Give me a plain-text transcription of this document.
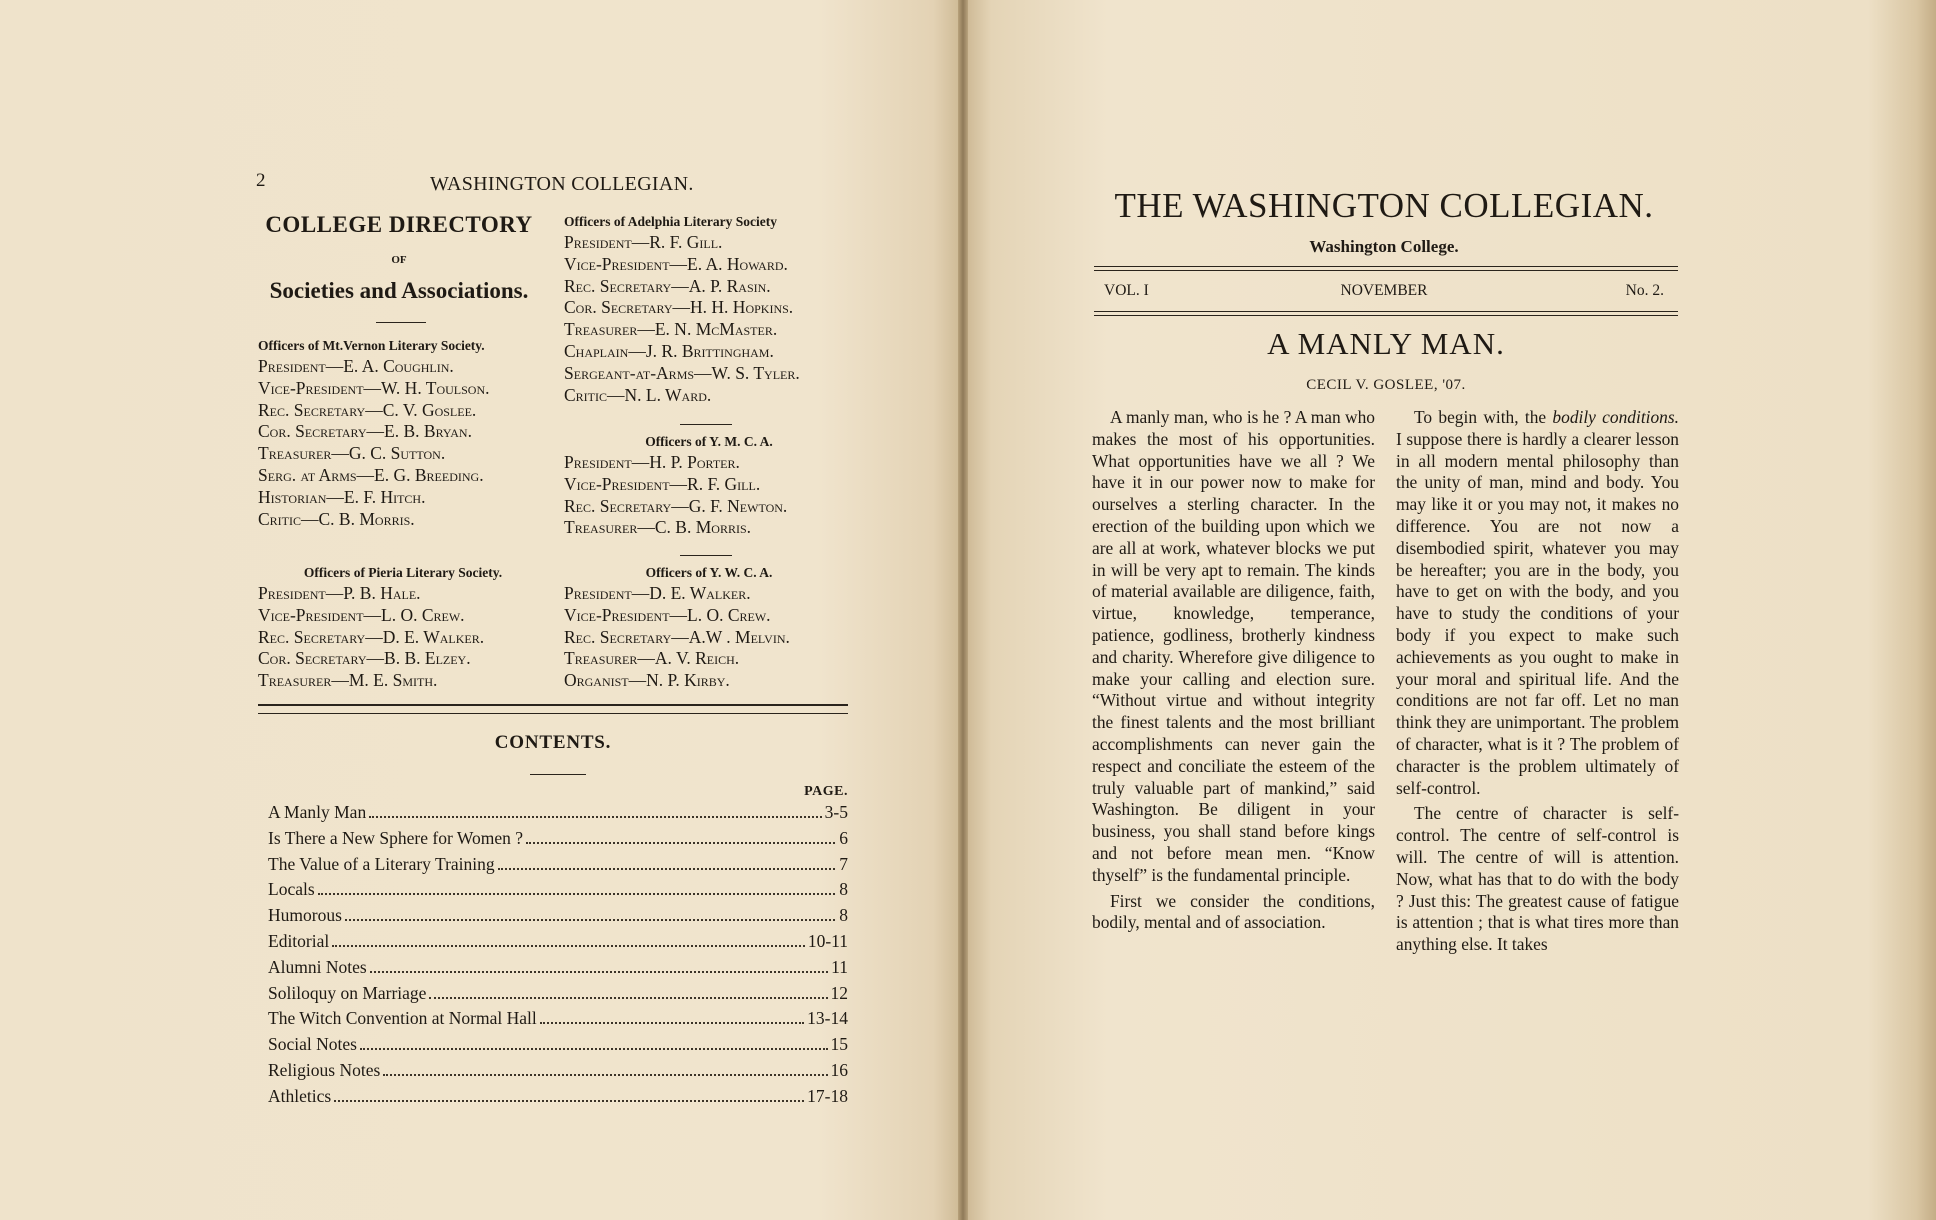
2	WASHINGTON COLLEGIAN.
COLLEGE DIRECTORY
OF
Societies and Associations.
Officers of Mt.Vernon Literary Society.
President—E. A. Coughlin.
Vice-President—W. H. Toulson.
Rec. Secretary—C. V. Goslee.
Cor. Secretary—E. B. Bryan.
Treasurer—G. C. Sutton.
Serg. at Arms—E. G. Breeding.
Historian—E. F. Hitch.
Critic—C. B. Morris.
Officers of Pieria Literary Society.
President—P. B. Hale.
Vice-President—L. O. Crew.
Rec. Secretary—D. E. Walker.
Cor. Secretary—B. B. Elzey.
Treasurer—M. E. Smith.
Officers of Adelphia Literary Society
President—R. F. Gill.
Vice-President—E. A. Howard.
Rec. Secretary—A. P. Rasin.
Cor. Secretary—H. H. Hopkins.
Treasurer—E. N. McMaster.
Chaplain—J. R. Brittingham.
Sergeant-at-Arms—W. S. Tyler.
Critic—N. L. Ward.
Officers of Y. M. C. A.
President—H. P. Porter.
Vice-President—R. F. Gill.
Rec. Secretary—G. F. Newton.
Treasurer—C. B. Morris.
Officers of Y. W. C. A.
President—D. E. Walker.
Vice-President—L. O. Crew.
Rec. Secretary—A.W . Melvin.
Treasurer—A. V. Reich.
Organist—N. P. Kirby.
CONTENTS.
PAGE.
A Manly Man	3-5
Is There a New Sphere for Women ?	6
The Value of a Literary Training	7
Locals	8
Humorous	8
Editorial	10-11
Alumni Notes	11
Soliloquy on Marriage	12
The Witch Convention at Normal Hall	13-14
Social Notes	15
Religious Notes	16
Athletics	17-18
THE WASHINGTON COLLEGIAN.
Washington College.
VOL. I	NOVEMBER	No. 2.
A MANLY MAN.
CECIL V. GOSLEE, '07.

A manly man, who is he ? A man who makes the most of his opportunities. What opportunities have we all ? We have it in our power now to make for ourselves a sterling character. In the erection of the building upon which we are all at work, whatever blocks we put in will be very apt to remain. The kinds of material available are diligence, faith, virtue, knowledge, temperance, patience, godliness, brotherly kindness and charity. Wherefore give diligence to make your calling and election sure. “Without virtue and without integrity the finest talents and the most brilliant accomplishments can never gain the respect and conciliate the esteem of the truly valuable part of mankind,” said Washington. Be diligent in your business, you shall stand before kings and not before mean men. “Know thyself” is the fundamental principle.

First we consider the conditions, bodily, mental and of association.

To begin with, the bodily conditions. I suppose there is hardly a clearer lesson in all modern mental philosophy than the unity of man, mind and body. You may like it or you may not, it makes no difference. You are not now a disembodied spirit, whatever you may be hereafter; you are in the body, you have to get on with the body, and you have to study the conditions of your body if you expect to make such achievements as you ought to make in your moral and spiritual life. And the conditions are not far off. Let no man think they are unimportant. The problem of character, what is it ? The problem of character is the problem ultimately of self-control.

The centre of character is self-control. The centre of self-control is will. The centre of will is attention. Now, what has that to do with the body ? Just this: The greatest cause of fatigue is attention ; that is what tires more than anything else. It takes
